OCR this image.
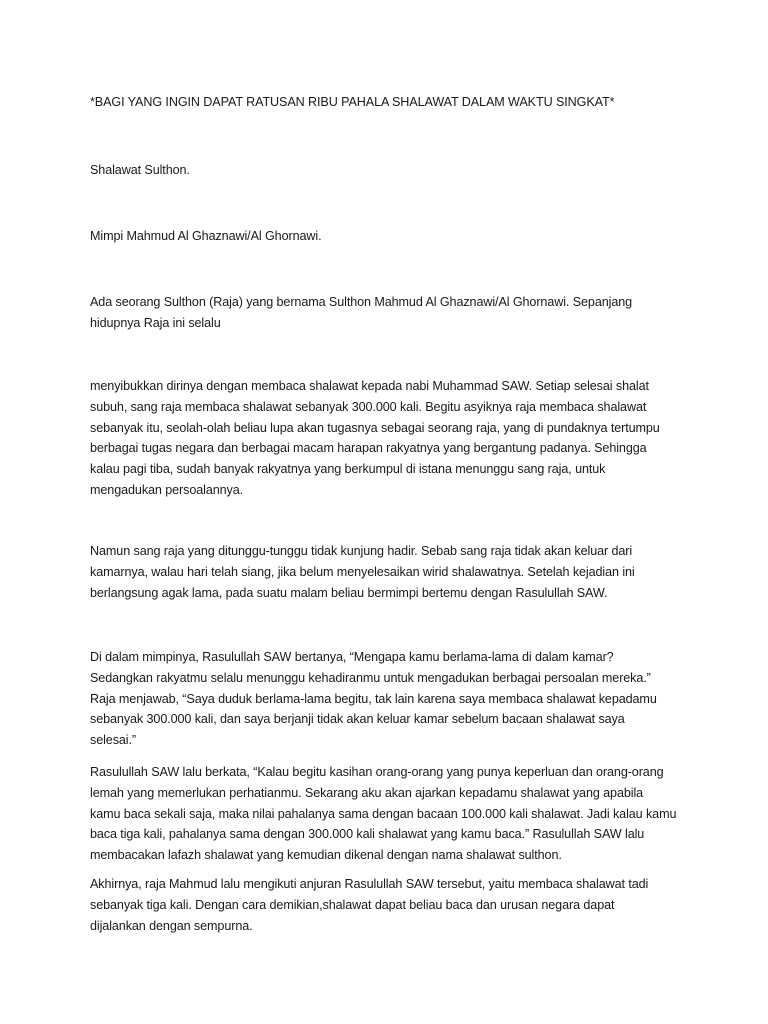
*BAGI YANG INGIN DAPAT RATUSAN RIBU PAHALA SHALAWAT DALAM WAKTU SINGKAT*
Shalawat Sulthon.
Mimpi Mahmud Al Ghaznawi/Al Ghornawi.
Ada seorang Sulthon (Raja) yang bernama Sulthon Mahmud Al Ghaznawi/Al Ghornawi. Sepanjang
hidupnya Raja ini selalu
menyibukkan dirinya dengan membaca shalawat kepada nabi Muhammad SAW. Setiap selesai shalat
subuh, sang raja membaca shalawat sebanyak 300.000 kali. Begitu asyiknya raja membaca shalawat
sebanyak itu, seolah-olah beliau lupa akan tugasnya sebagai seorang raja, yang di pundaknya tertumpu
berbagai tugas negara dan berbagai macam harapan rakyatnya yang bergantung padanya. Sehingga
kalau pagi tiba, sudah banyak rakyatnya yang berkumpul di istana menunggu sang raja, untuk
mengadukan persoalannya.
Namun sang raja yang ditunggu-tunggu tidak kunjung hadir. Sebab sang raja tidak akan keluar dari
kamarnya, walau hari telah siang, jika belum menyelesaikan wirid shalawatnya. Setelah kejadian ini
berlangsung agak lama, pada suatu malam beliau bermimpi bertemu dengan Rasulullah SAW.
Di dalam mimpinya, Rasulullah SAW bertanya, “Mengapa kamu berlama-lama di dalam kamar?
Sedangkan rakyatmu selalu menunggu kehadiranmu untuk mengadukan berbagai persoalan mereka.”
Raja menjawab, “Saya duduk berlama-lama begitu, tak lain karena saya membaca shalawat kepadamu
sebanyak 300.000 kali, dan saya berjanji tidak akan keluar kamar sebelum bacaan shalawat saya
selesai.”
Rasulullah SAW lalu berkata, “Kalau begitu kasihan orang-orang yang punya keperluan dan orang-orang
lemah yang memerlukan perhatianmu. Sekarang aku akan ajarkan kepadamu shalawat yang apabila
kamu baca sekali saja, maka nilai pahalanya sama dengan bacaan 100.000 kali shalawat. Jadi kalau kamu
baca tiga kali, pahalanya sama dengan 300.000 kali shalawat yang kamu baca.” Rasulullah SAW lalu
membacakan lafazh shalawat yang kemudian dikenal dengan nama shalawat sulthon.
Akhirnya, raja Mahmud lalu mengikuti anjuran Rasulullah SAW tersebut, yaitu membaca shalawat tadi
sebanyak tiga kali. Dengan cara demikian,shalawat dapat beliau baca dan urusan negara dapat
dijalankan dengan sempurna.
